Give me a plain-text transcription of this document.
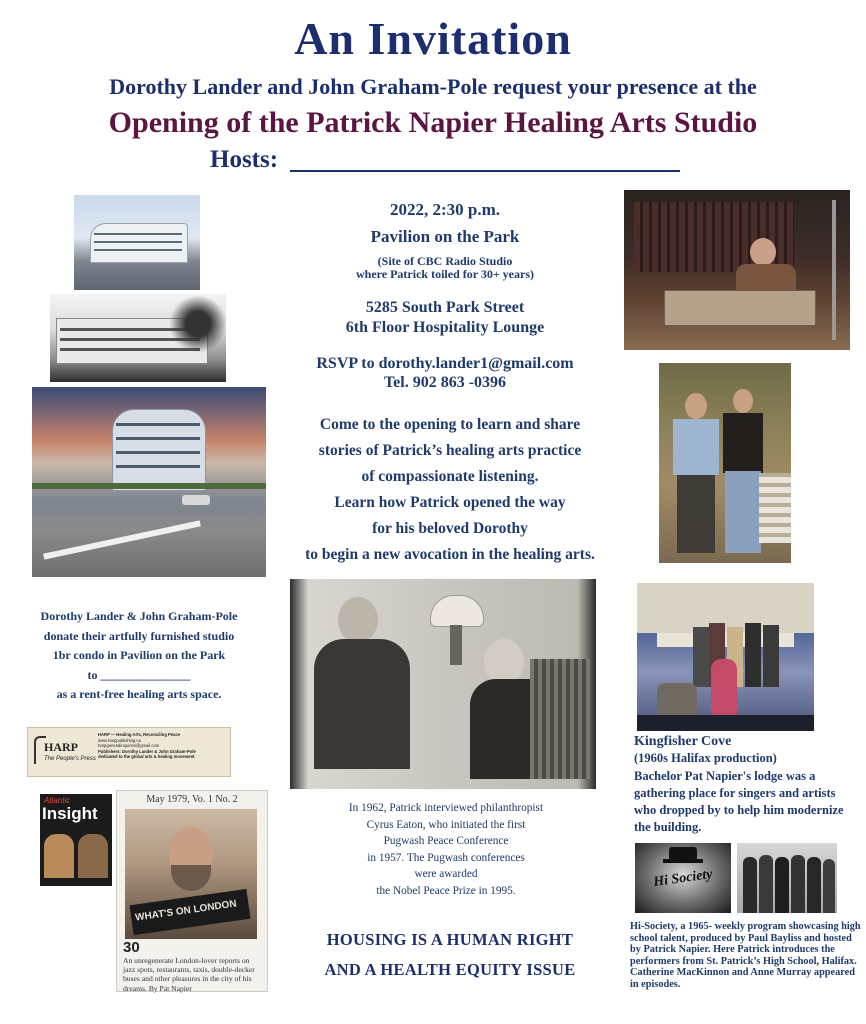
An Invitation
Dorothy Lander and John Graham-Pole request your presence at the
Opening of the Patrick Napier Healing Arts Studio
Hosts:
2022, 2:30 p.m.
Pavilion on the Park
(Site of CBC Radio Studio
where Patrick toiled for 30+ years)
5285 South Park Street
6th Floor Hospitality Lounge
RSVP to dorothy.lander1@gmail.com
Tel. 902 863 -0396
Come to the opening to learn and share
stories of Patrick’s healing arts practice
of compassionate listening.
Learn how Patrick opened the way
for his beloved Dorothy
to begin a new avocation in the healing arts.
Dorothy Lander & John Graham-Pole
donate their artfully furnished studio
1br condo in Pavilion on the Park
to _______________
as a rent-free healing arts space.
HARP
The People's Press
HARP — Healing Arts, Reconciling Peace
www.harppublishing.ca
harpgeneralinquiries@gmail.com
Publishers: Dorothy Lander & John Graham-Pole
dedicated to the global arts & healing movement
Atlantic
Insight
May 1979, Vo. 1 No. 2
WHAT'S ON LONDON
30
An unregenerate London-lover reports on jazz spots, restaurants, taxis, double-decker buses and other pleasures in the city of his dreams. By Pat Napier
In 1962, Patrick interviewed philanthropist
Cyrus Eaton, who initiated the first
Pugwash Peace Conference
in 1957. The Pugwash conferences
were awarded
the Nobel Peace Prize in 1995.
HOUSING IS A HUMAN RIGHT
AND A HEALTH EQUITY ISSUE
Kingfisher Cove
(1960s Halifax production)
Bachelor Pat Napier's lodge was a
gathering place for singers and artists
who dropped by to help him modernize
the building.
Hi Society
Hi-Society, a 1965- weekly program showcasing high school talent, produced by Paul Bayliss and hosted by Patrick Napier. Here Patrick introduces the performers from St. Patrick’s High School, Halifax. Catherine MacKinnon and Anne Murray appeared in episodes.
